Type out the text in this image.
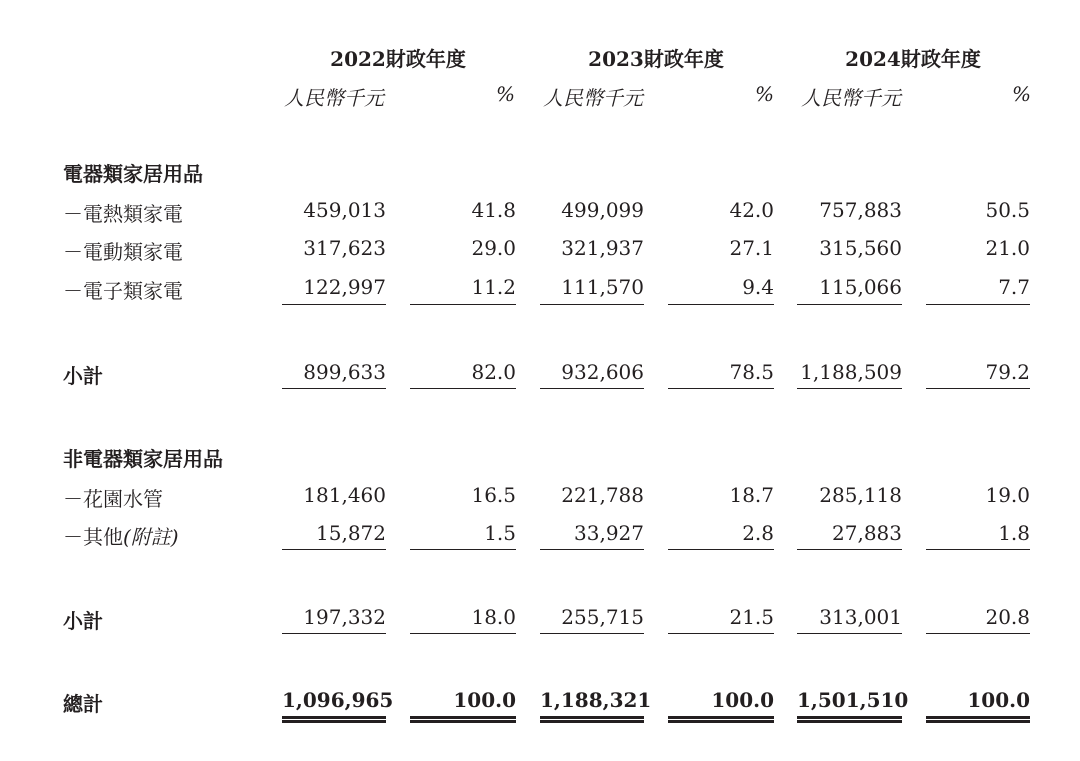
2022財政年度	2023財政年度	2024財政年度
人民幣千元	% 人民幣千元	% 人民幣千元	%
電器類家居用品
－電熱類家電	459,013	41.8	499,099	42.0	757,883	50.5
－電動類家電	317,623	29.0	321,937	27.1	315,560	21.0
－電子類家電	122,997	11.2	111,570	9.4	115,066	7.7
小計	899,633	82.0	932,606	78.5 1,188,509	79.2
非電器類家居用品
－花園水管	181,460	16.5	221,788	18.7	285,118	19.0
－其他(附註)	15,872	1.5	33,927	2.8	27,883	1.8
小計	197,332	18.0	255,715	21.5	313,001	20.8
總計	1,096,965	100.0 1,188,321	100.0 1,501,510	100.0
